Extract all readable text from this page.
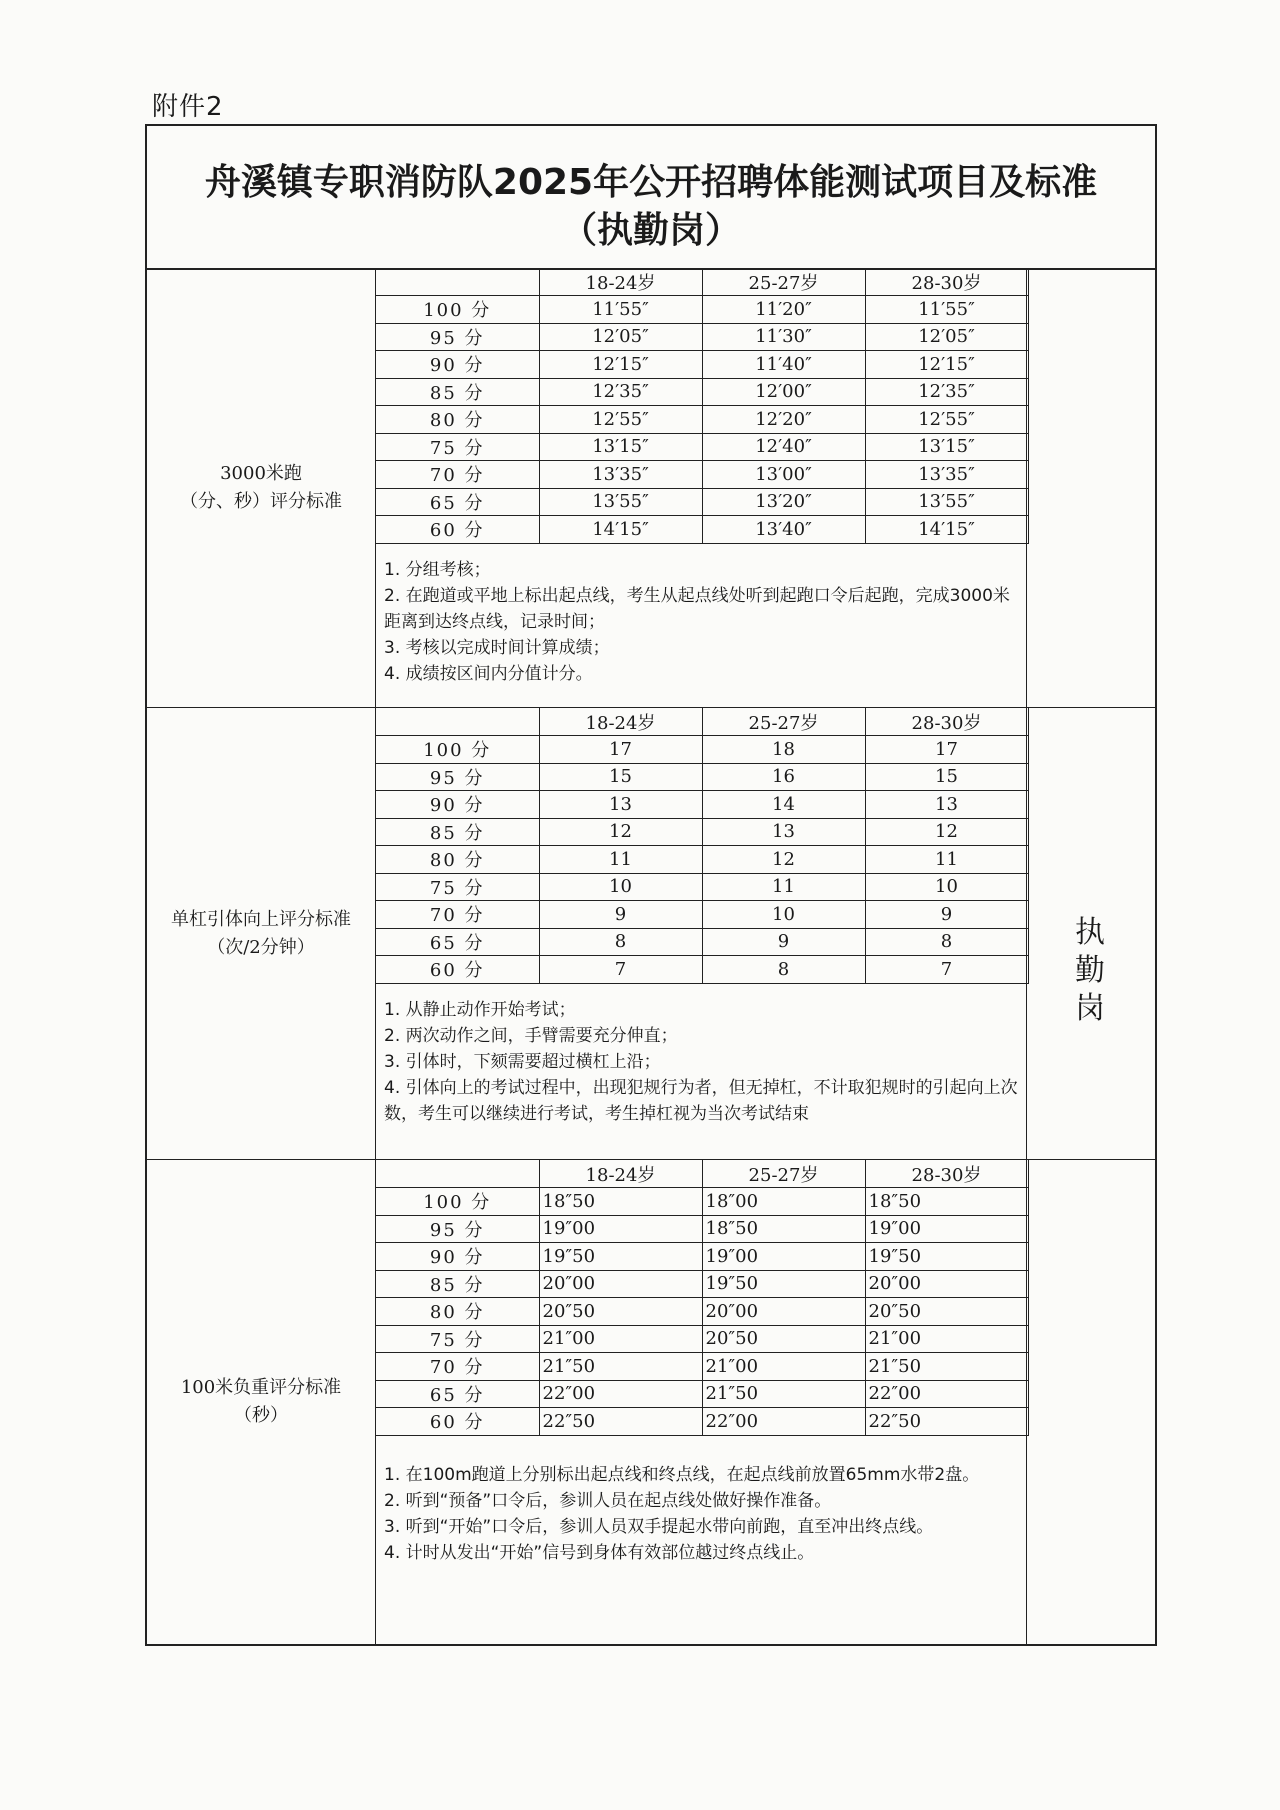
附件2
舟溪镇专职消防队2025年公开招聘体能测试项目及标准
（执勤岗）
3000米跑
（分、秒）评分标准
	18-24岁	25-27岁	28-30岁
100 分	11′55″	11′20″	11′55″
95 分	12′05″	11′30″	12′05″
90 分	12′15″	11′40″	12′15″
85 分	12′35″	12′00″	12′35″
80 分	12′55″	12′20″	12′55″
75 分	13′15″	12′40″	13′15″
70 分	13′35″	13′00″	13′35″
65 分	13′55″	13′20″	13′55″
60 分	14′15″	13′40″	14′15″
1. 分组考核；
2. 在跑道或平地上标出起点线，考生从起点线处听到起跑口令后起跑，完成3000米距离到达终点线，记录时间；
3. 考核以完成时间计算成绩；
4. 成绩按区间内分值计分。
单杠引体向上评分标准
（次/2分钟）
	18-24岁	25-27岁	28-30岁
100 分	17	18	17
95 分	15	16	15
90 分	13	14	13
85 分	12	13	12
80 分	11	12	11
75 分	10	11	10
70 分	9	10	9
65 分	8	9	8
60 分	7	8	7
1. 从静止动作开始考试；
2. 两次动作之间，手臂需要充分伸直；
3. 引体时，下颏需要超过横杠上沿；
4. 引体向上的考试过程中，出现犯规行为者，但无掉杠，不计取犯规时的引起向上次数，考生可以继续进行考试，考生掉杠视为当次考试结束
100米负重评分标准
（秒）
	18-24岁	25-27岁	28-30岁
100 分	18″50	18″00	18″50
95 分	19″00	18″50	19″00
90 分	19″50	19″00	19″50
85 分	20″00	19″50	20″00
80 分	20″50	20″00	20″50
75 分	21″00	20″50	21″00
70 分	21″50	21″00	21″50
65 分	22″00	21″50	22″00
60 分	22″50	22″00	22″50
1. 在100m跑道上分别标出起点线和终点线，在起点线前放置65mm水带2盘。
2. 听到“预备”口令后，参训人员在起点线处做好操作准备。
3. 听到“开始”口令后，参训人员双手提起水带向前跑，直至冲出终点线。
4. 计时从发出“开始”信号到身体有效部位越过终点线止。
执
勤
岗
